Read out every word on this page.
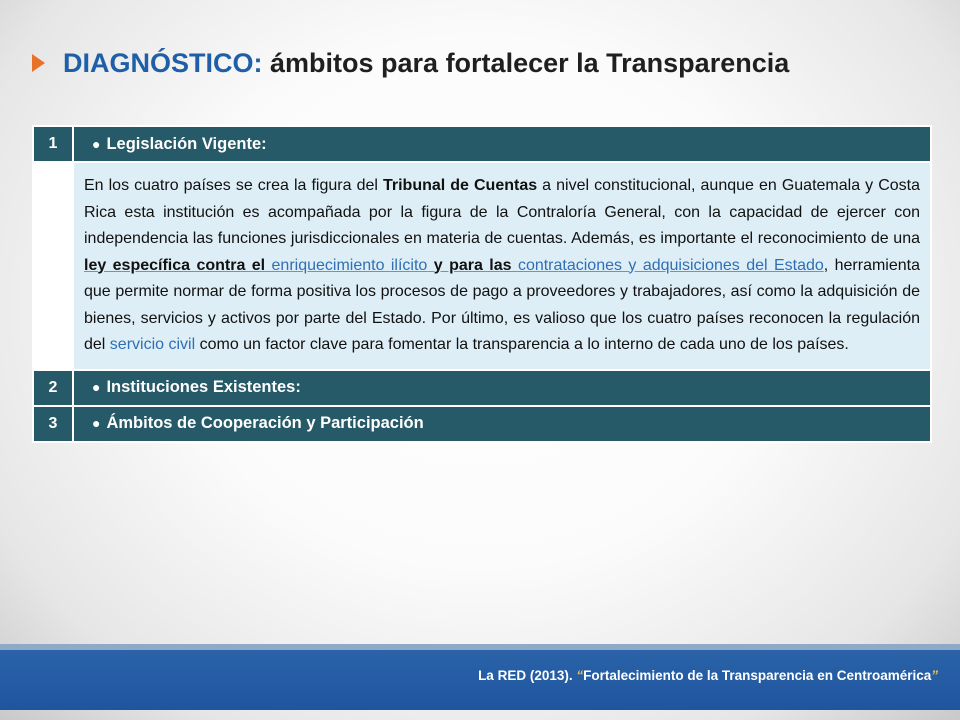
DIAGNÓSTICO: ámbitos para fortalecer la Transparencia
1	● Legislación Vigente:
	En los cuatro países se crea la figura del Tribunal de Cuentas a nivel constitucional, aunque en Guatemala y Costa Rica esta institución es acompañada por la figura de la Contraloría General, con la capacidad de ejercer con independencia las funciones jurisdiccionales en materia de cuentas. Además, es importante el reconocimiento de una ley específica contra el enriquecimiento ilícito y para las contrataciones y adquisiciones del Estado, herramienta que permite normar de forma positiva los procesos de pago a proveedores y trabajadores, así como la adquisición de bienes, servicios y activos por parte del Estado. Por último, es valioso que los cuatro países reconocen la regulación del servicio civil como un factor clave para fomentar la transparencia a lo interno de cada uno de los países.
2	● Instituciones Existentes:
3	● Ámbitos de Cooperación y Participación
La RED (2013). “Fortalecimiento de la Transparencia en Centroamérica”
